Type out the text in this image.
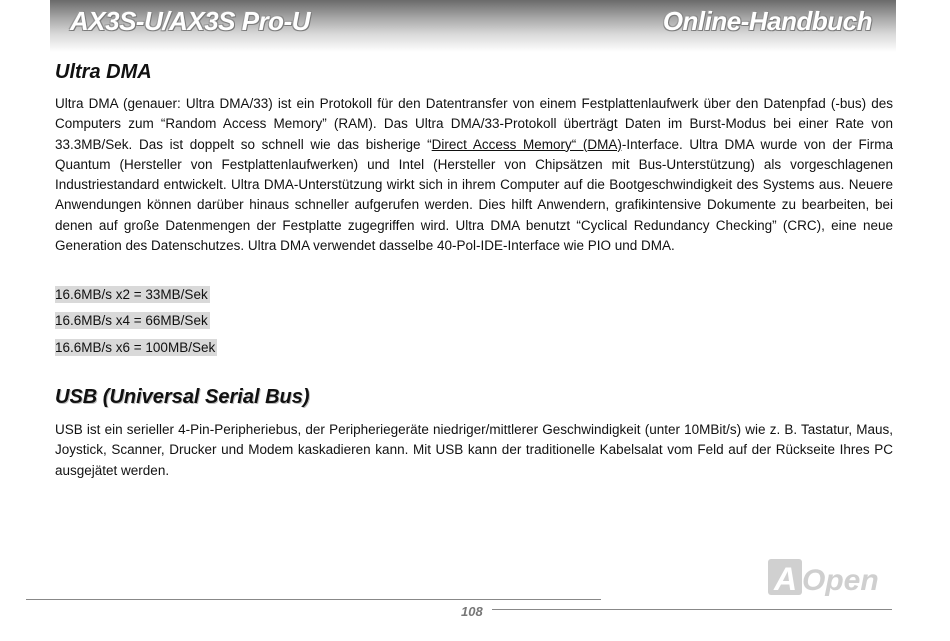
AX3S-U/AX3S Pro-U	Online-Handbuch
Ultra DMA

Ultra DMA (genauer: Ultra DMA/33) ist ein Protokoll für den Datentransfer von einem Festplattenlaufwerk über den Datenpfad (-bus) des Computers zum “Random Access Memory” (RAM). Das Ultra DMA/33-Protokoll überträgt Daten im Burst-Modus bei einer Rate von 33.3MB/Sek. Das ist doppelt so schnell wie das bisherige “Direct Access Memory“ (DMA)-Interface. Ultra DMA wurde von der Firma Quantum (Hersteller von Festplattenlaufwerken) und Intel (Hersteller von Chipsätzen mit Bus-Unterstützung) als vorgeschlagenen Industriestandard entwickelt. Ultra DMA-Unterstützung wirkt sich in ihrem Computer auf die Bootgeschwindigkeit des Systems aus. Neuere Anwendungen können darüber hinaus schneller aufgerufen werden. Dies hilft Anwendern, grafikintensive Dokumente zu bearbeiten, bei denen auf große Datenmengen der Festplatte zugegriffen wird. Ultra DMA benutzt “Cyclical Redundancy Checking” (CRC), eine neue Generation des Datenschutzes. Ultra DMA verwendet dasselbe 40-Pol-IDE-Interface wie PIO und DMA.

16.6MB/s x2 = 33MB/Sek
16.6MB/s x4 = 66MB/Sek
16.6MB/s x6 = 100MB/Sek
USB (Universal Serial Bus)

USB ist ein serieller 4-Pin-Peripheriebus, der Peripheriegeräte niedriger/mittlerer Geschwindigkeit (unter 10MBit/s) wie z. B. Tastatur, Maus, Joystick, Scanner, Drucker und Modem kaskadieren kann. Mit USB kann der traditionelle Kabelsalat vom Feld auf der Rückseite Ihres PC ausgejätet werden.

108
A Open
